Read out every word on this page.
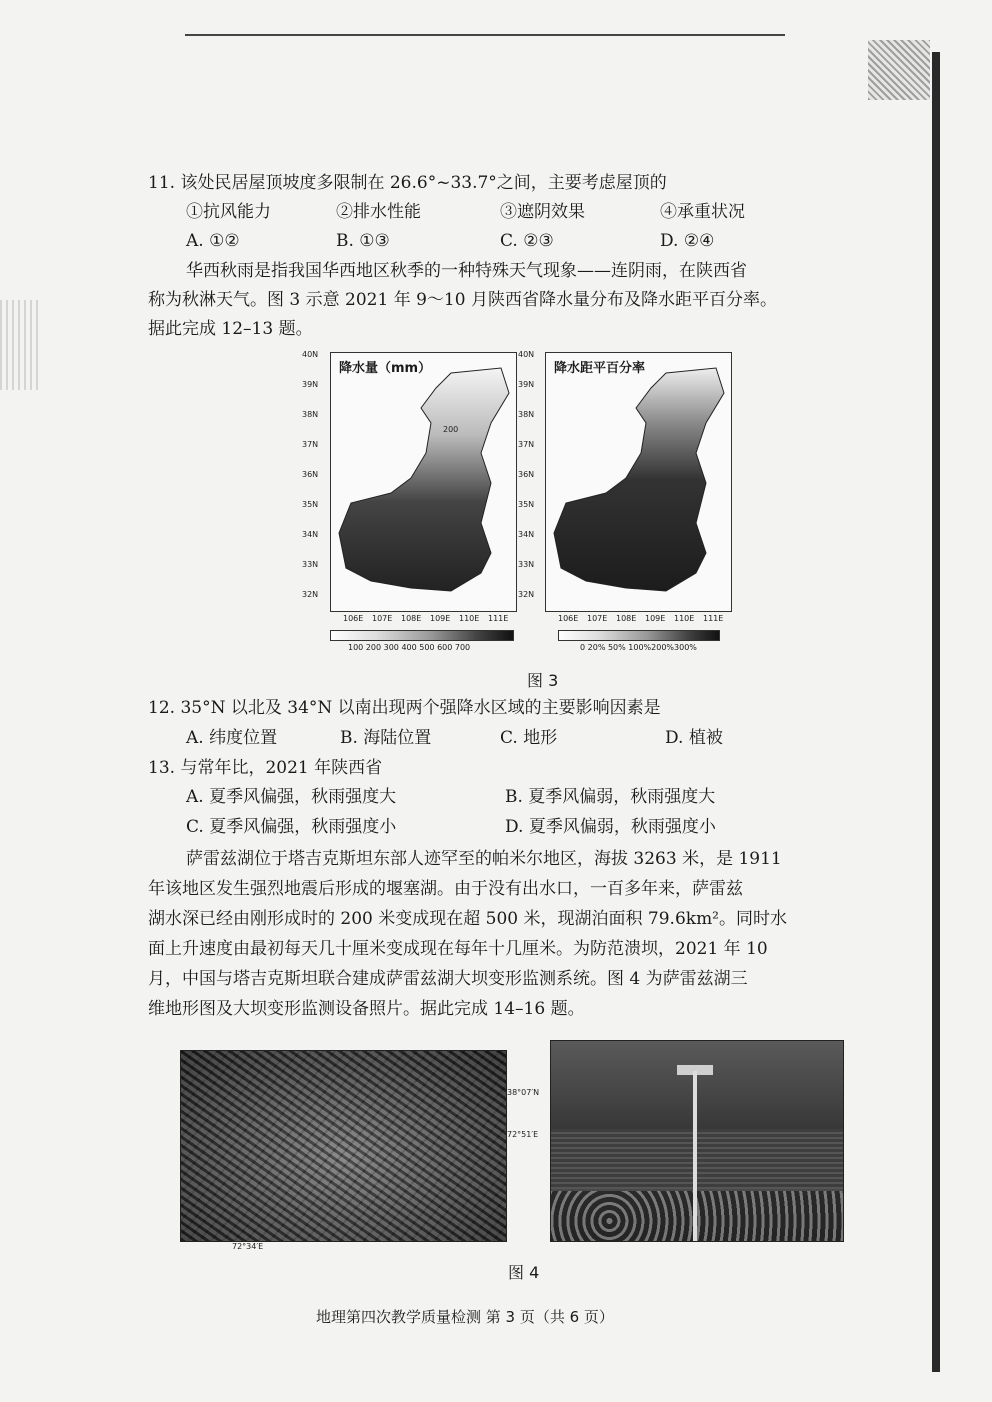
11. 该处民居屋顶坡度多限制在 26.6°~33.7°之间，主要考虑屋顶的
①抗风能力	②排水性能	③遮阴效果	④承重状况
A. ①②	B. ①③	C. ②③	D. ②④
华西秋雨是指我国华西地区秋季的一种特殊天气现象——连阴雨，在陕西省
称为秋淋天气。图 3 示意 2021 年 9～10 月陕西省降水量分布及降水距平百分率。
据此完成 12–13 题。
降水量（mm）
200
40N
39N
38N
37N
36N
35N
34N
33N
32N
106E 107E 108E 109E 110E 111E
100 200 300 400 500 600 700
降水距平百分率
40N
39N
38N
37N
36N
35N
34N
33N
32N
106E 107E 108E 109E 110E 111E
0 20% 50% 100%200%300%
图 3
12. 35°N 以北及 34°N 以南出现两个强降水区域的主要影响因素是
A. 纬度位置	B. 海陆位置	C. 地形	D. 植被
13. 与常年比，2021 年陕西省
A. 夏季风偏强，秋雨强度大	B. 夏季风偏弱，秋雨强度大
C. 夏季风偏强，秋雨强度小	D. 夏季风偏弱，秋雨强度小
萨雷兹湖位于塔吉克斯坦东部人迹罕至的帕米尔地区，海拔 3263 米，是 1911
年该地区发生强烈地震后形成的堰塞湖。由于没有出水口，一百多年来，萨雷兹
湖水深已经由刚形成时的 200 米变成现在超 500 米，现湖泊面积 79.6km²。同时水
面上升速度由最初每天几十厘米变成现在每年十几厘米。为防范溃坝，2021 年 10
月，中国与塔吉克斯坦联合建成萨雷兹湖大坝变形监测系统。图 4 为萨雷兹湖三
维地形图及大坝变形监测设备照片。据此完成 14–16 题。
38°07′N
72°51′E
72°34′E
图 4
地理第四次教学质量检测 第 3 页（共 6 页）
